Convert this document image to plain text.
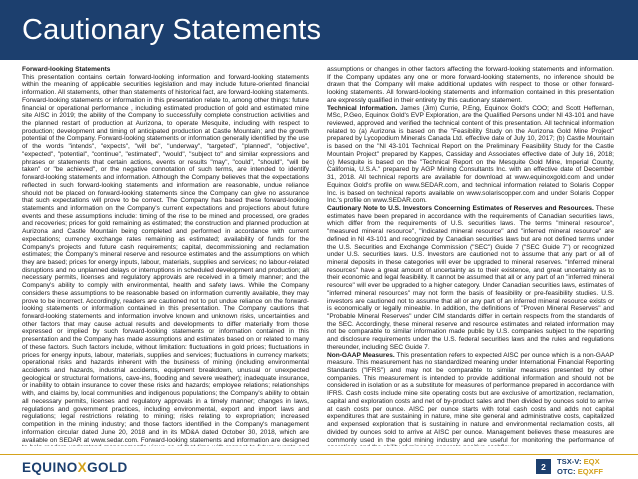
Cautionary Statements

Forward-looking Statements
This presentation contains certain forward-looking information and forward-looking statements within the meaning of applicable securities legislation and may include future-oriented financial information. All statements, other than statements of historical fact, are forward-looking statements. Forward-looking statements or information in this presentation relate to, among other things: future financial or operational performance , including estimated production of gold and estimated mine site AISC in 2019; the ability of the Company to successfully complete construction activities and the planned restart of production at Aurizona, to operate Mesquite, including with respect to production; development and timing of anticipated production at Castle Mountain; and the growth potential of the Company. Forward-looking statements or information generally identified by the use of the words "intends", "expects", "will be", "underway", "targeted", "planned", "objective", "expected", "potential", "continue", "estimated", "would", "subject to" and similar expressions and phrases or statements that certain actions, events or results "may", "could", "should", "will be taken" or "be achieved", or the negative connotation of such terms, are intended to identify forward-looking statements and information. Although the Company believes that the expectations reflected in such forward-looking statements and information are reasonable, undue reliance should not be placed on forward-looking statements since the Company can give no assurance that such expectations will prove to be correct. The Company has based these forward-looking statements and information on the Company's current expectations and projections about future events and these assumptions include: timing of the rise to be mined and processed, ore grades and recoveries; prices for gold remaining as estimated; the construction and planned production at Aurizona and Castle Mountain being completed and performed in accordance with current expectations; currency exchange rates remaining as estimated; availability of funds for the Company's projects and future cash requirements; capital, decommissioning and reclamation estimates; the Company's mineral reserve and resource estimates and the assumptions on which they are based; prices for energy inputs, labour, materials, supplies and services; no labour-related disruptions and no unplanned delays or interruptions in scheduled development and production; all necessary permits, licenses and regulatory approvals are received in a timely manner; and the Company's ability to comply with environmental, health and safety laws. While the Company considers these assumptions to be reasonable based on information currently available, they may prove to be incorrect. Accordingly, readers are cautioned not to put undue reliance on the forward-looking statements or information contained in this presentation. The Company cautions that forward-looking statements and information involve known and unknown risks, uncertainties and other factors that may cause actual results and developments to differ materially from those expressed or implied by such forward-looking statements or information contained in this presentation and the Company has made assumptions and estimates based on or related to many of these factors. Such factors include, without limitation: fluctuations in gold prices; fluctuations in prices for energy inputs, labour, materials, supplies and services; fluctuations in currency markets; operational risks and hazards inherent with the business of mining (including environmental accidents and hazards, industrial accidents, equipment breakdown, unusual or unexpected geological or structural formations, cave-ins, flooding and severe weather); inadequate insurance, or inability to obtain insurance to cover these risks and hazards; employee relations; relationships with, and claims by, local communities and indigenous populations; the Company's ability to obtain all necessary permits, licenses and regulatory approvals in a timely manner; changes in laws, regulations and government practices, including environmental, export and import laws and regulations; legal restrictions relating to mining; risks relating to expropriation; increased competition in the mining industry; and those factors identified in the Company's management information circular dated June 20, 2018 and in its MD&A dated October 30, 2018, which are available on SEDAR at www.sedar.com. Forward-looking statements and information are designed

assumptions or changes in other factors affecting the forward-looking statements and information. If the Company updates any one or more forward-looking statements, no inference should be drawn that the Company will make additional updates with respect to those or other forward-looking statements. All forward-looking statements and information contained in this presentation are expressly qualified in their entirety by this cautionary statement.

Technical Information. James (Jim) Currie, P.Eng, Equinox Gold's COO; and Scott Heffernan, MSc, P.Geo, Equinox Gold's EVP Exploration, are the Qualified Persons under NI 43-101 and have reviewed, approved and verified the technical content of this presentation. All technical information related to (a) Aurizona is based on the "Feasibility Study on the Aurizona Gold Mine Project" prepared by Lycopodium Minerals Canada Ltd. effective date of July 10, 2017; (b) Castle Mountain is based on the "NI 43-101 Technical Report on the Preliminary Feasibility Study for the Castle Mountain Project" prepared by Kappes, Cassiday and Associates effective date of July 16, 2018; (c) Mesquite is based on the "Technical Report on the Mesquite Gold Mine, Imperial County, California, U.S.A." prepared by AGP Mining Consultants Inc. with an effective date of December 31, 2018. All technical reports are available for download at www.equinoxgold.com and under Equinox Gold's profile on www.SEDAR.com, and technical information related to Solaris Copper Inc. is based on technical reports available on www.solariscopper.com and under Solaris Copper Inc.'s profile on www.SEDAR.com.

Cautionary Note to U.S. Investors Concerning Estimates of Reserves and Resources. These estimates have been prepared in accordance with the requirements of Canadian securities laws, which differ from the requirements of U.S. securities laws. The terms "mineral resource", "measured mineral resource", "indicated mineral resource" and "inferred mineral resource" are defined in NI 43-101 and recognized by Canadian securities laws but are not defined terms under the U.S. Securities and Exchange Commission ("SEC") Guide 7 ("SEC Guide 7") or recognized under U.S. securities laws. U.S. Investors are cautioned not to assume that any part or all of mineral deposits in these categories will ever be upgraded to mineral reserves. "Inferred mineral resources" have a great amount of uncertainty as to their existence, and great uncertainty as to their economic and legal feasibility. It cannot be assumed that all or any part of an "inferred mineral resource" will ever be upgraded to a higher category. Under Canadian securities laws, estimates of "inferred mineral resources" may not form the basis of feasibility or pre-feasibility studies. U.S. investors are cautioned not to assume that all or any part of an inferred mineral resource exists or is economically or legally mineable. In addition, the definitions of "Proven Mineral Reserves" and "Probable Mineral Reserves" under CIM standards differ in certain respects from the standards of the SEC. Accordingly, these mineral reserve and resource estimates and related information may not be comparable to similar information made public by U.S. companies subject to the reporting and disclosure requirements under the U.S. federal securities laws and the rules and regulations thereunder, including SEC Guide 7.

Non-GAAP Measures. This presentation refers to expected AISC per ounce which is a non-GAAP measure. This measurement has no standardized meaning under International Financial Reporting Standards ("IFRS") and may not be comparable to similar measures presented by other companies. This measurement is intended to provide additional information and should not be considered in isolation or as a substitute for measures of performance prepared in accordance with IFRS. Cash costs include mine site operating costs but are exclusive of amortization, reclamation, capital and exploration costs and net of by-product sales and then divided by ounces sold to arrive at cash costs per ounce. AISC per ounce starts with total cash costs and adds not capital expenditures that are sustaining in nature, mine site general and administrative costs, capitalized and expensed exploration that is sustaining in nature and environmental reclamation costs, all divided by ounces sold to arrive at AISC per ounce. Management believes these measures are commonly used in the gold mining industry and are useful for monitoring the performance of

EQUINOXGOLD	2	TSX-V: EQX
OTC: EQXFF
